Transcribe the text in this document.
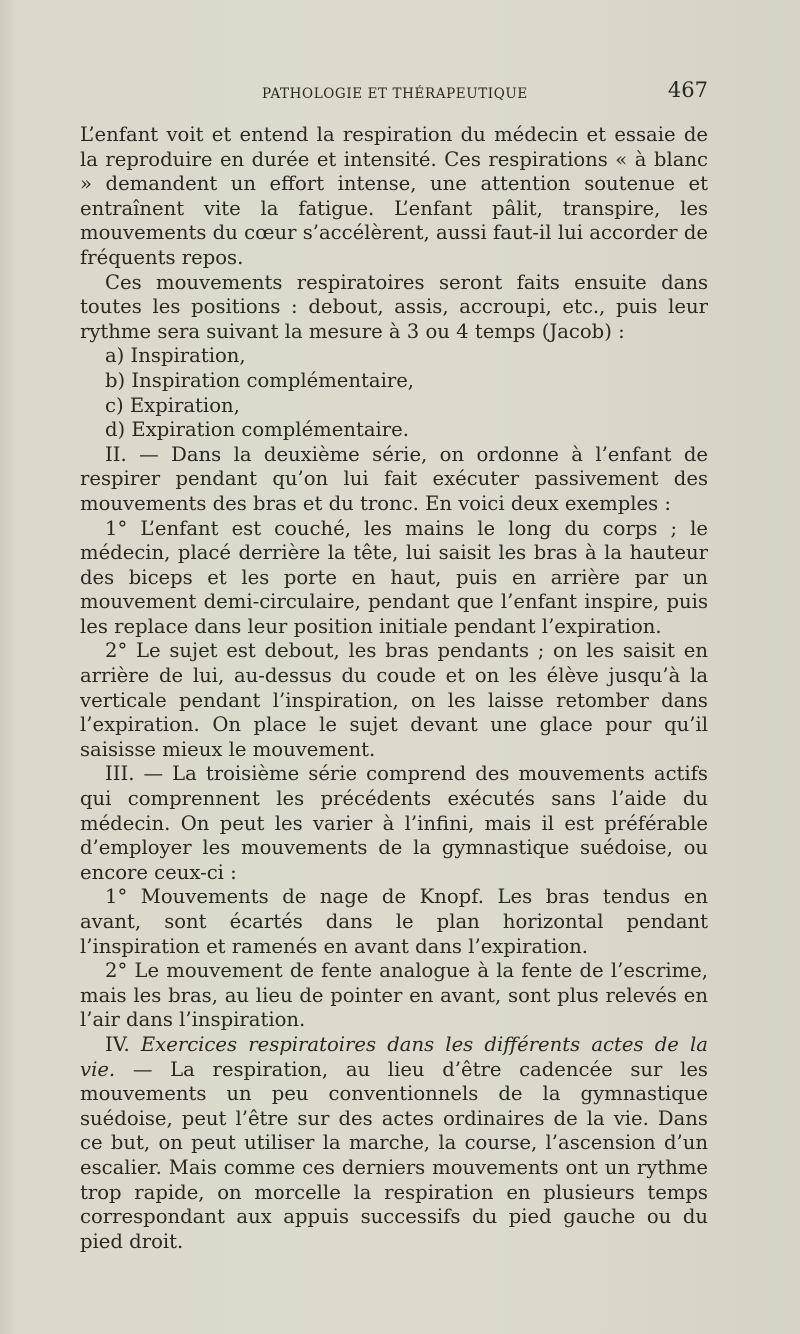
PATHOLOGIE ET THÉRAPEUTIQUE	467

L’enfant voit et entend la respiration du médecin et essaie de la reproduire en durée et intensité. Ces respirations « à blanc » demandent un effort intense, une attention soutenue et entraînent vite la fatigue. L’enfant pâlit, transpire, les mouvements du cœur s’accélèrent, aussi faut-il lui accorder de fréquents repos.

Ces mouvements respiratoires seront faits ensuite dans toutes les positions : debout, assis, accroupi, etc., puis leur rythme sera suivant la mesure à 3 ou 4 temps (Jacob) :

a) Inspiration,

b) Inspiration complémentaire,

c) Expiration,

d) Expiration complémentaire.

II. — Dans la deuxième série, on ordonne à l’enfant de respirer pendant qu’on lui fait exécuter passivement des mouvements des bras et du tronc. En voici deux exemples :

1° L’enfant est couché, les mains le long du corps ; le médecin, placé derrière la tête, lui saisit les bras à la hauteur des biceps et les porte en haut, puis en arrière par un mouvement demi-circulaire, pendant que l’enfant inspire, puis les replace dans leur position initiale pendant l’expiration.

2° Le sujet est debout, les bras pendants ; on les saisit en arrière de lui, au-dessus du coude et on les élève jusqu’à la verticale pendant l’inspiration, on les laisse retomber dans l’expiration. On place le sujet devant une glace pour qu’il saisisse mieux le mouvement.

III. — La troisième série comprend des mouvements actifs qui comprennent les précédents exécutés sans l’aide du médecin. On peut les varier à l’infini, mais il est préférable d’employer les mouvements de la gymnastique suédoise, ou encore ceux-ci :

1° Mouvements de nage de Knopf. Les bras tendus en avant, sont écartés dans le plan horizontal pendant l’inspiration et ramenés en avant dans l’expiration.

2° Le mouvement de fente analogue à la fente de l’escrime, mais les bras, au lieu de pointer en avant, sont plus relevés en l’air dans l’inspiration.

IV. Exercices respiratoires dans les différents actes de la vie. — La respiration, au lieu d’être cadencée sur les mouvements un peu conventionnels de la gymnastique suédoise, peut l’être sur des actes ordinaires de la vie. Dans ce but, on peut utiliser la marche, la course, l’ascension d’un escalier. Mais comme ces derniers mouvements ont un rythme trop rapide, on morcelle la respiration en plusieurs temps correspondant aux appuis successifs du pied gauche ou du pied droit.
